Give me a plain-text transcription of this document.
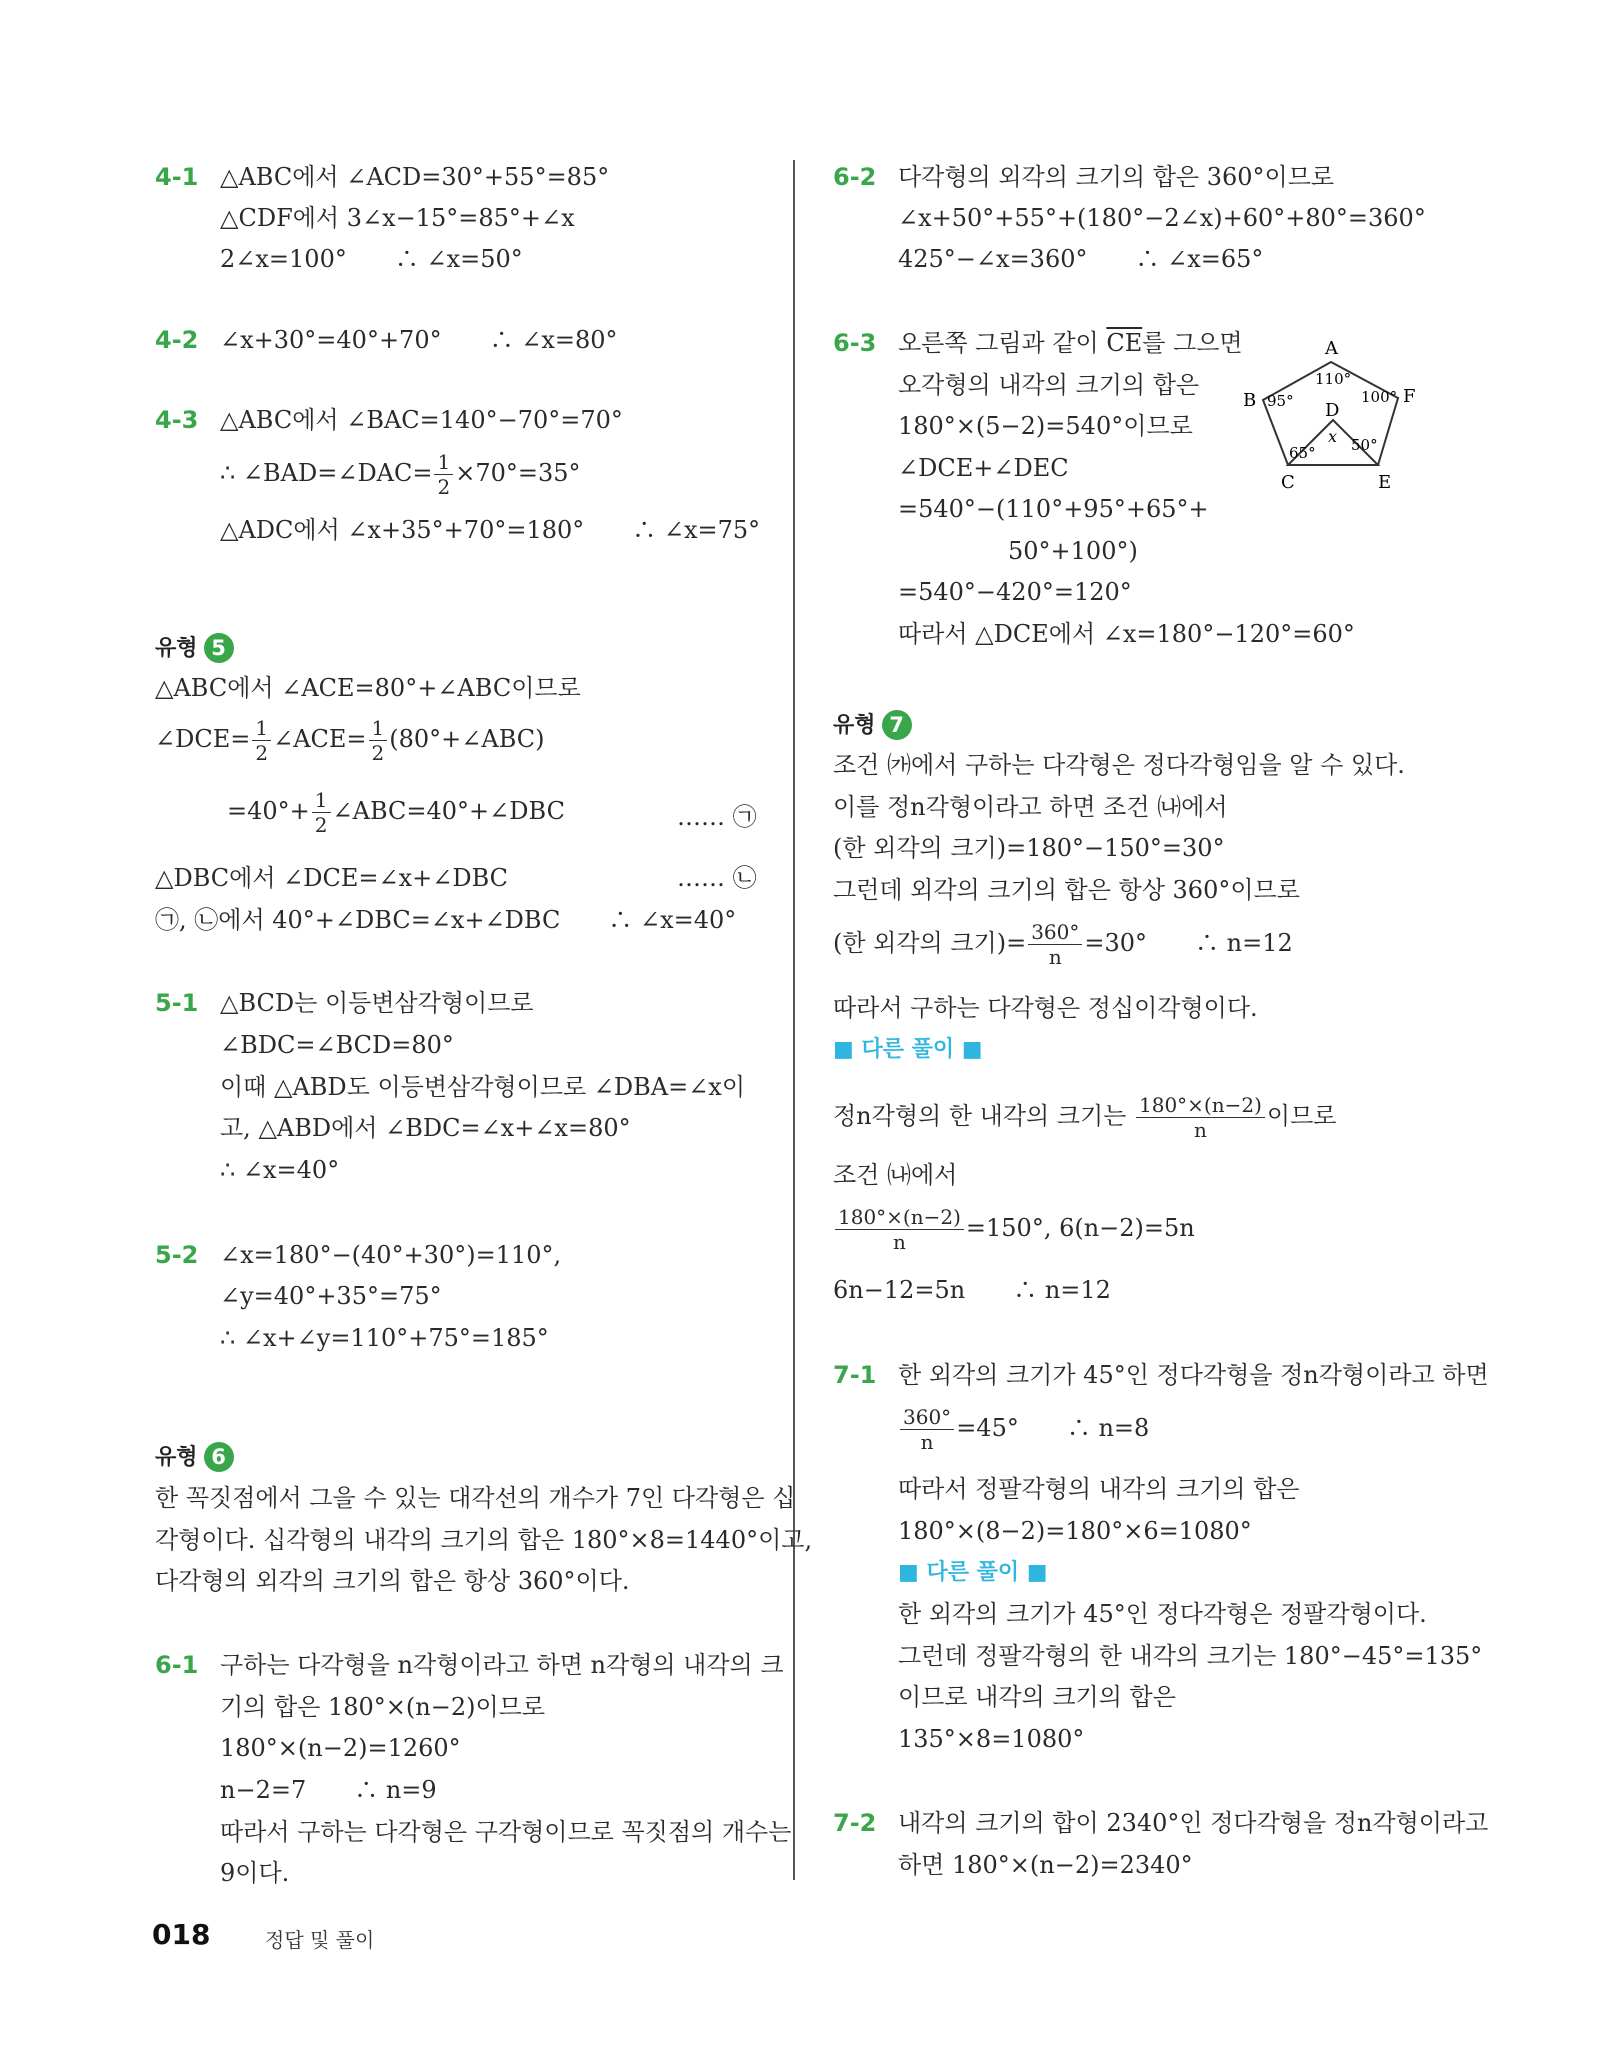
4-1 △ABC에서 ∠ACD=30°+55°=85°
△CDF에서 3∠x−15°=85°+∠x
2∠x=100°　　∴ ∠x=50°
4-2 ∠x+30°=40°+70°　　∴ ∠x=80°
4-3 △ABC에서 ∠BAC=140°−70°=70°
∴ ∠BAD=∠DAC= $\frac{1}{2} \times 70^\circ=35^\circ$
△ADC에서 ∠x+35°+70°=180°　　∴ ∠x=75°
유형 5
△ABC에서 ∠ACE=80°+∠ABC이므로
∠DCE= $\frac{1}{2}$ ∠ACE= $\frac{1}{2}$ (80°+∠ABC)
$=40^\circ+ \frac{1}{2}$ ∠ABC=40°+∠DBC	…… ㉠
△DBC에서 ∠DCE=∠x+∠DBC	…… ㉡
㉠, ㉡에서 40°+∠DBC=∠x+∠DBC　　∴ ∠x=40°
5-1 △BCD는 이등변삼각형이므로
∠BDC=∠BCD=80°
이때 △ABD도 이등변삼각형이므로 ∠DBA=∠x이
고, △ABD에서 ∠BDC=∠x+∠x=80°
∴ ∠x=40°
5-2 ∠x=180°−(40°+30°)=110°,
∠y=40°+35°=75°
∴ ∠x+∠y=110°+75°=185°
유형 6
한 꼭짓점에서 그을 수 있는 대각선의 개수가 7인 다각형은 십
각형이다. 십각형의 내각의 크기의 합은 180°×8=1440°이고,
다각형의 외각의 크기의 합은 항상 360°이다.
6-1 구하는 다각형을 n각형이라고 하면 n각형의 내각의 크
기의 합은 180°×(n−2)이므로
180°×(n−2)=1260°
n−2=7　　∴ n=9
따라서 구하는 다각형은 구각형이므로 꼭짓점의 개수는
9이다.
6-2 다각형의 외각의 크기의 합은 360°이므로
∠x+50°+55°+(180°−2∠x)+60°+80°=360°
425°−∠x=360°　　∴ ∠x=65°
6-3 오른쪽 그림과 같이 $\overline{CE}$를 그으면
오각형의 내각의 크기의 합은
180°×(5−2)=540°이므로
∠DCE+∠DEC
=540°−(110°+95°+65°+
50°+100°)
=540°−420°=120°
따라서 △DCE에서 ∠x=180°−120°=60°
A
B	F
D
C	E
110°
95°	100°
65° 50°
x
유형 7
조건 ㈎에서 구하는 다각형은 정다각형임을 알 수 있다.
이를 정n각형이라고 하면 조건 ㈏에서
(한 외각의 크기)=180°−150°=30°
그런데 외각의 크기의 합은 항상 360°이므로
(한 외각의 크기)= $\frac{360^\circ}{n} =30^\circ$　　∴ n=12
따라서 구하는 다각형은 정십이각형이다.
■ 다른 풀이 ■
정n각형의 한 내각의 크기는 $\frac{180^\circ\times(n-2)}{n}$ 이므로
조건 ㈏에서
$\frac{180^\circ\times(n-2)}{n} =150^\circ$, 6(n−2)=5n
6n−12=5n　　∴ n=12
7-1 한 외각의 크기가 45°인 정다각형을 정n각형이라고 하면
$\frac{360^\circ}{n} =45^\circ$　　∴ n=8
따라서 정팔각형의 내각의 크기의 합은
180°×(8−2)=180°×6=1080°
■ 다른 풀이 ■
한 외각의 크기가 45°인 정다각형은 정팔각형이다.
그런데 정팔각형의 한 내각의 크기는 180°−45°=135°
이므로 내각의 크기의 합은
135°×8=1080°
7-2 내각의 크기의 합이 2340°인 정다각형을 정n각형이라고
하면 180°×(n−2)=2340°
018	정답 및 풀이
